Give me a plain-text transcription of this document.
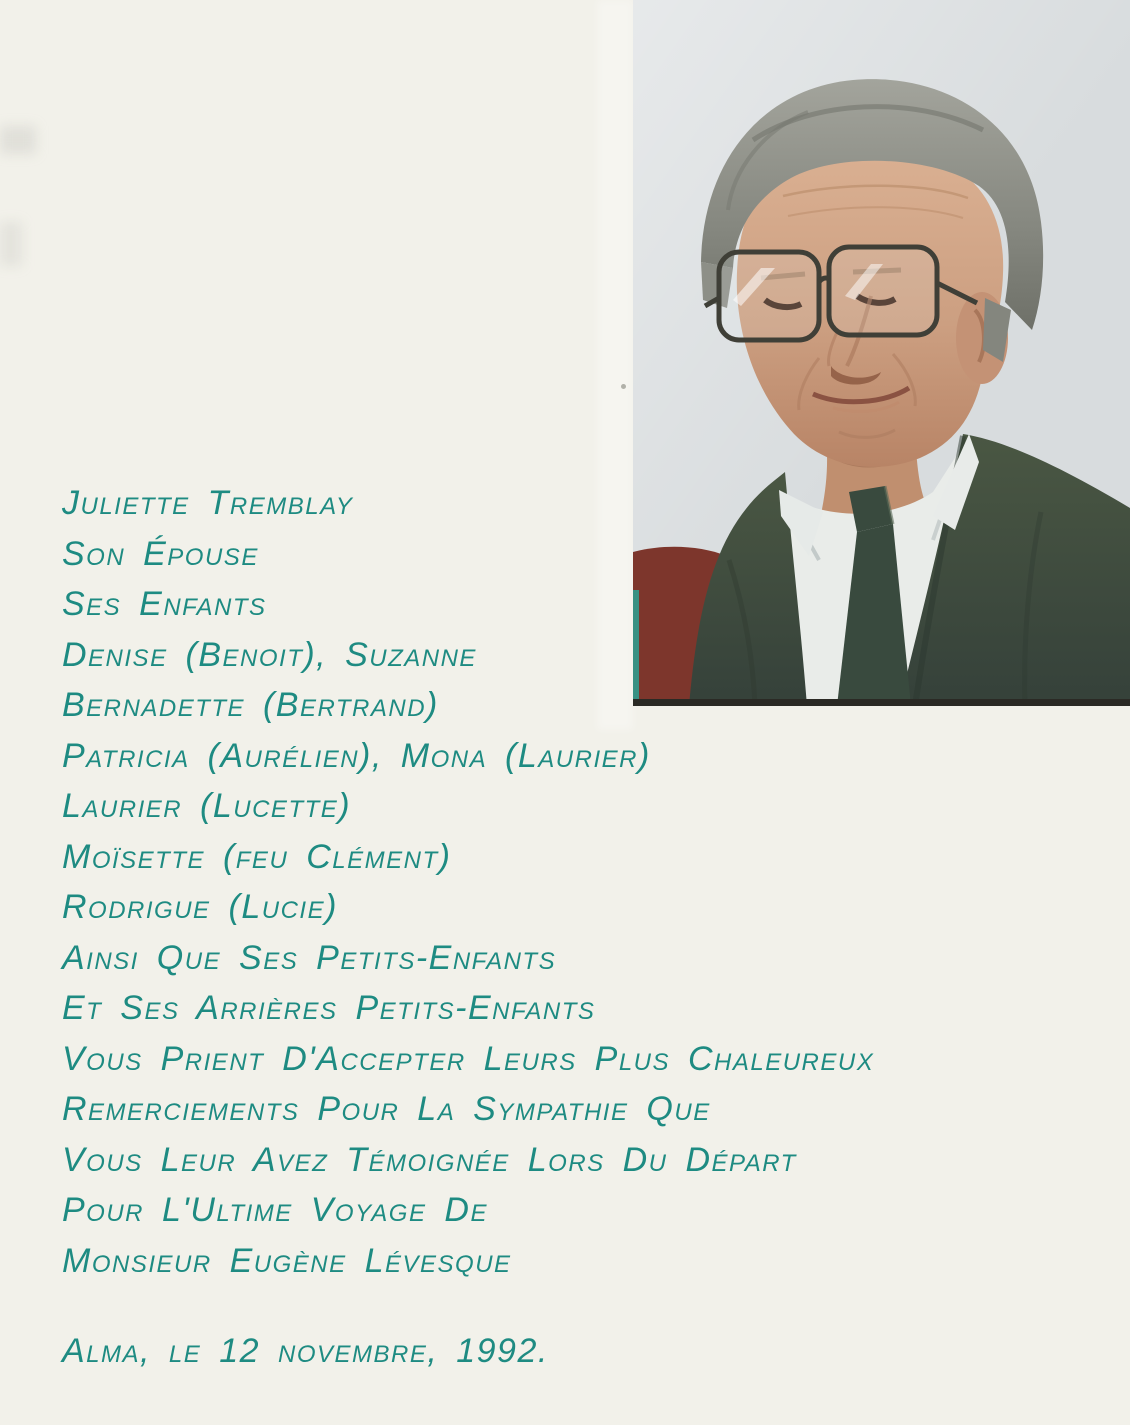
Juliette Tremblay
Son Épouse
Ses Enfants
Denise (Benoit), Suzanne
Bernadette (Bertrand)
Patricia (Aurélien), Mona (Laurier)
Laurier (Lucette)
Moïsette (feu Clément)
Rodrigue (Lucie)
Ainsi Que Ses Petits-Enfants
Et Ses Arrières Petits-Enfants
Vous Prient D'Accepter Leurs Plus Chaleureux
Remerciements Pour La Sympathie Que
Vous Leur Avez Témoignée Lors Du Départ
Pour L'Ultime Voyage De
Monsieur Eugène Lévesque
Alma, le 12 novembre, 1992.
